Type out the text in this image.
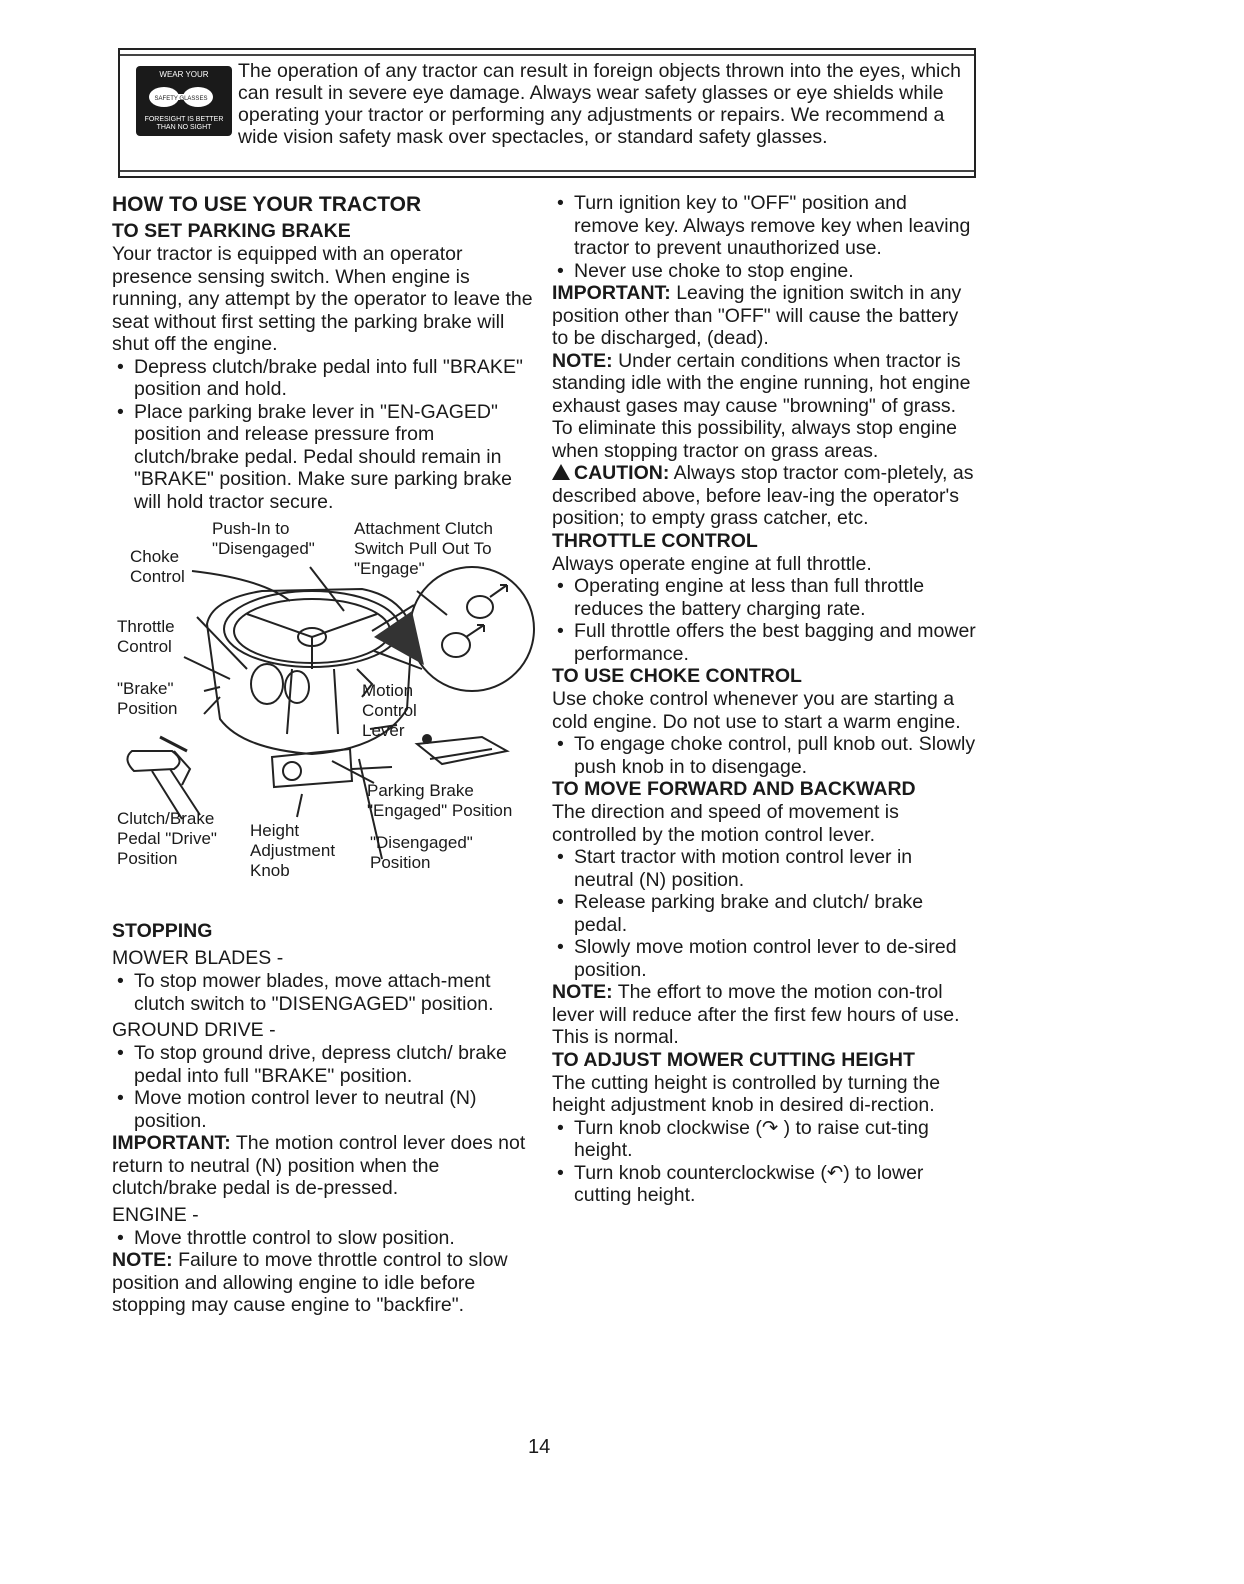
WEAR YOUR
SAFETY GLASSES
FORESIGHT IS BETTER THAN NO SIGHT
The operation of any tractor can result in foreign objects thrown into the eyes, which can result in severe eye damage. Always wear safety glasses or eye shields while operating your tractor or performing any adjustments or repairs. We recommend a wide vision safety mask over spectacles, or standard safety glasses.
HOW TO USE YOUR TRACTOR
TO SET PARKING BRAKE

Your tractor is equipped with an operator presence sensing switch. When engine is running, any attempt by the operator to leave the seat without first setting the parking brake will shut off the engine.

• Depress clutch/brake pedal into full "BRAKE" position and hold.
• Place parking brake lever in "EN-GAGED" position and release pressure from clutch/brake pedal. Pedal should remain in "BRAKE" position. Make sure parking brake will hold tractor secure.
Push-In to "Disengaged"
Attachment Clutch Switch Pull Out To "Engage"
Choke Control
Throttle Control
"Brake" Position
Motion Control Lever
Parking Brake "Engaged" Position
"Disengaged" Position
Clutch/Brake Pedal "Drive" Position
Height Adjustment Knob
STOPPING
MOWER BLADES -
• To stop mower blades, move attach-ment clutch switch to "DISENGAGED" position.
GROUND DRIVE -
• To stop ground drive, depress clutch/ brake pedal into full "BRAKE" position.
• Move motion control lever to neutral (N) position.

IMPORTANT: The motion control lever does not return to neutral (N) position when the clutch/brake pedal is de-pressed.

ENGINE -
• Move throttle control to slow position.

NOTE: Failure to move throttle control to slow position and allowing engine to idle before stopping may cause engine to "backfire".

• Turn ignition key to "OFF" position and remove key. Always remove key when leaving tractor to prevent unauthorized use.
• Never use choke to stop engine.

IMPORTANT: Leaving the ignition switch in any position other than "OFF" will cause the battery to be discharged, (dead).

NOTE: Under certain conditions when tractor is standing idle with the engine running, hot engine exhaust gases may cause "browning" of grass. To eliminate this possibility, always stop engine when stopping tractor on grass areas.

CAUTION: Always stop tractor com-pletely, as described above, before leav-ing the operator's position; to empty grass catcher, etc.

THROTTLE CONTROL

Always operate engine at full throttle.

• Operating engine at less than full throttle reduces the battery charging rate.
• Full throttle offers the best bagging and mower performance.
TO USE CHOKE CONTROL

Use choke control whenever you are starting a cold engine. Do not use to start a warm engine.

• To engage choke control, pull knob out. Slowly push knob in to disengage.
TO MOVE FORWARD AND BACKWARD

The direction and speed of movement is controlled by the motion control lever.

• Start tractor with motion control lever in neutral (N) position.
• Release parking brake and clutch/ brake pedal.
• Slowly move motion control lever to de-sired position.

NOTE: The effort to move the motion con-trol lever will reduce after the first few hours of use. This is normal.

TO ADJUST MOWER CUTTING HEIGHT

The cutting height is controlled by turning the height adjustment knob in desired di-rection.

• Turn knob clockwise (↷ ) to raise cut-ting height.
• Turn knob counterclockwise (↶) to lower cutting height.
14
